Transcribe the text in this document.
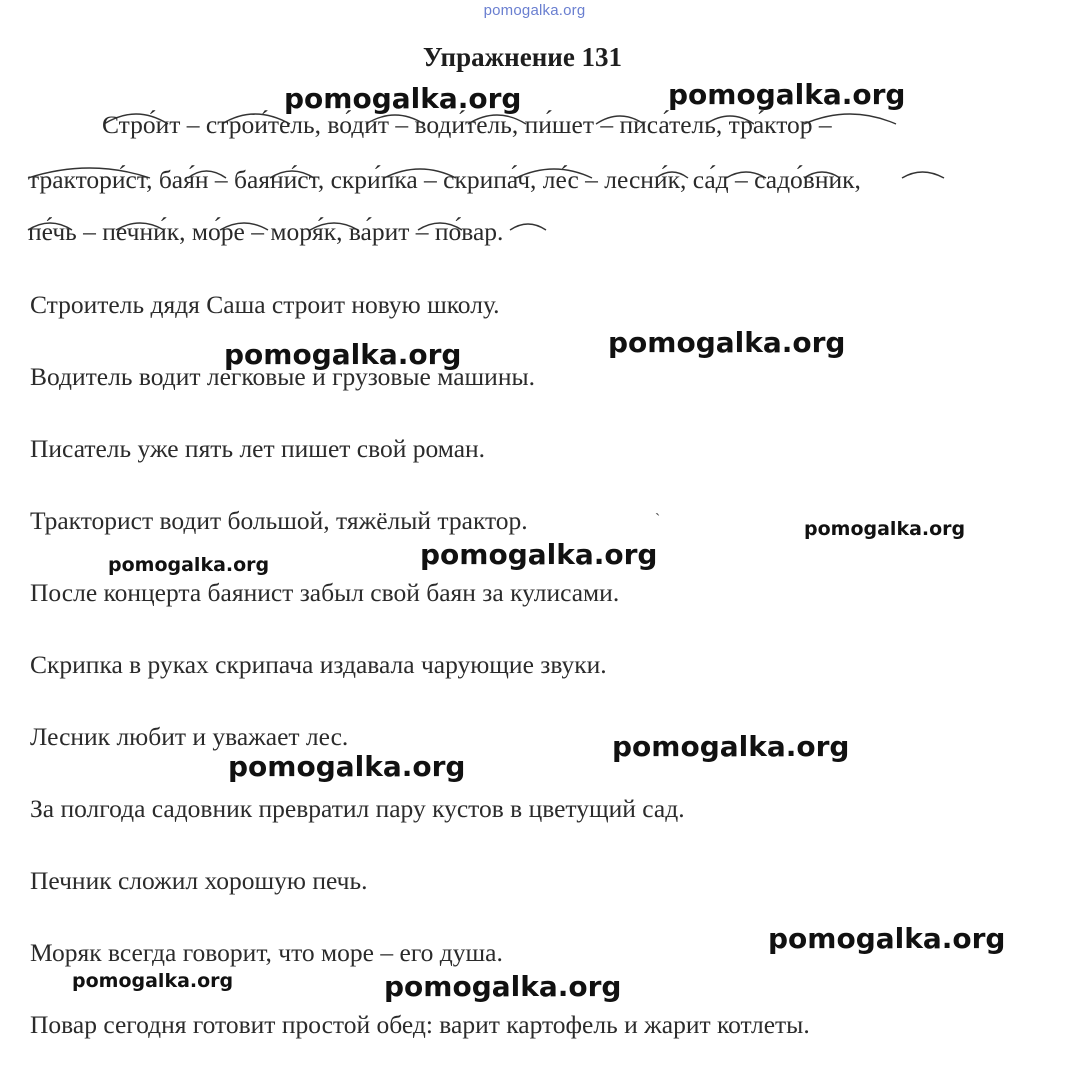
pomogalka.org
Упражнение 131
Стро́ит – строи́тель, во́дит – води́тель, пи́шет – писа́тель, тра́ктор –
трактори́ст, бая́н – баяни́ст, скри́пка – скрипа́ч, ле́с – лесни́к, са́д – садо́вник,
пе́чь – печни́к, мо́ре – моря́к, ва́рит – по́вар.
Строитель дядя Саша строит новую школу.
Водитель водит легковые и грузовые машины.
Писатель уже пять лет пишет свой роман.
Тракторист водит большой, тяжёлый трактор.
После концерта баянист забыл свой баян за кулисами.
Скрипка в руках скрипача издавала чарующие звуки.
Лесник любит и уважает лес.
За полгода садовник превратил пару кустов в цветущий сад.
Печник сложил хорошую печь.
Моряк всегда говорит, что море – его душа.
Повар сегодня готовит простой обед: варит картофель и жарит котлеты.
`
pomogalka.org	pomogalka.org
pomogalka.org	pomogalka.org
pomogalka.org
pomogalka.org
pomogalka.org
pomogalka.org
pomogalka.org
pomogalka.org
pomogalka.org	pomogalka.org
